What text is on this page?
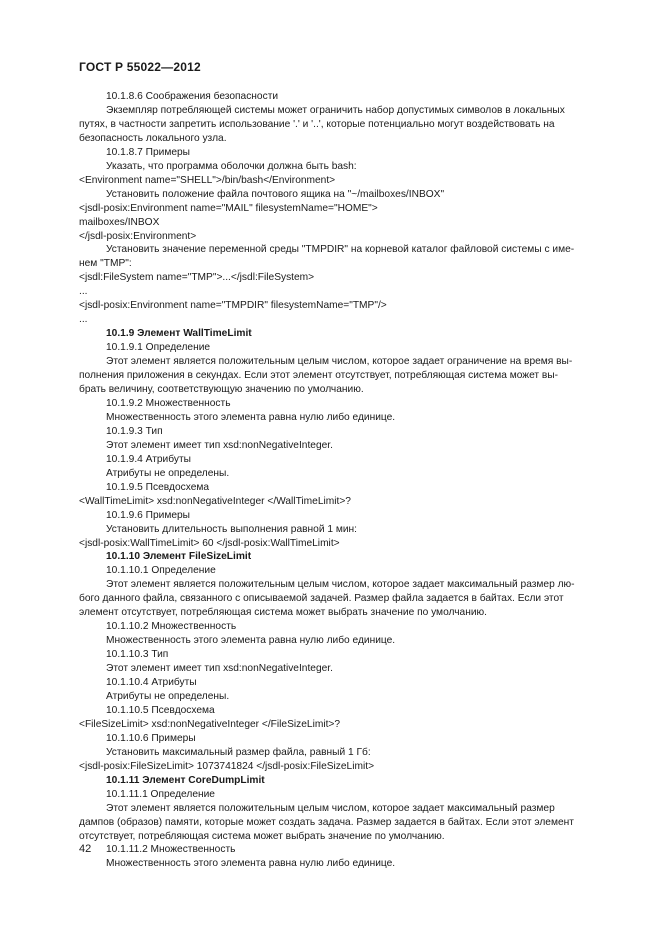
ГОСТ Р 55022—2012
10.1.8.6 Соображения безопасности
Экземпляр потребляющей системы может ограничить набор допустимых символов в локальных
путях, в частности запретить использование '.' и '..', которые потенциально могут воздействовать на
безопасность локального узла.
10.1.8.7 Примеры
Указать, что программа оболочки должна быть bash:
<Environment name="SHELL">/bin/bash</Environment>
Установить положение файла почтового ящика на "~/mailboxes/INBOX"
<jsdl-posix:Environment name="MAIL" filesystemName="HOME">
mailboxes/INBOX
</jsdl-posix:Environment>
Установить значение переменной среды "TMPDIR" на корневой каталог файловой системы с име-
нем "TMP":
<jsdl:FileSystem name="TMP">...</jsdl:FileSystem>
...
<jsdl-posix:Environment name="TMPDIR" filesystemName="TMP"/>
...
10.1.9 Элемент WallTimeLimit
10.1.9.1 Определение
Этот элемент является положительным целым числом, которое задает ограничение на время вы-
полнения приложения в секундах. Если этот элемент отсутствует, потребляющая система может вы-
брать величину, соответствующую значению по умолчанию.
10.1.9.2 Множественность
Множественность этого элемента равна нулю либо единице.
10.1.9.3 Тип
Этот элемент имеет тип xsd:nonNegativeInteger.
10.1.9.4 Атрибуты
Атрибуты не определены.
10.1.9.5 Псевдосхема
<WallTimeLimit> xsd:nonNegativeInteger </WallTimeLimit>?
10.1.9.6 Примеры
Установить длительность выполнения равной 1 мин:
<jsdl-posix:WallTimeLimit> 60 </jsdl-posix:WallTimeLimit>
10.1.10 Элемент FileSizeLimit
10.1.10.1 Определение
Этот элемент является положительным целым числом, которое задает максимальный размер лю-
бого данного файла, связанного с описываемой задачей. Размер файла задается в байтах. Если этот
элемент отсутствует, потребляющая система может выбрать значение по умолчанию.
10.1.10.2 Множественность
Множественность этого элемента равна нулю либо единице.
10.1.10.3 Тип
Этот элемент имеет тип xsd:nonNegativeInteger.
10.1.10.4 Атрибуты
Атрибуты не определены.
10.1.10.5 Псевдосхема
<FileSizeLimit> xsd:nonNegativeInteger </FileSizeLimit>?
10.1.10.6 Примеры
Установить максимальный размер файла, равный 1 Гб:
<jsdl-posix:FileSizeLimit> 1073741824 </jsdl-posix:FileSizeLimit>
10.1.11 Элемент CoreDumpLimit
10.1.11.1 Определение
Этот элемент является положительным целым числом, которое задает максимальный размер
дампов (образов) памяти, которые может создать задача. Размер задается в байтах. Если этот элемент
отсутствует, потребляющая система может выбрать значение по умолчанию.
10.1.11.2 Множественность
Множественность этого элемента равна нулю либо единице.
42
